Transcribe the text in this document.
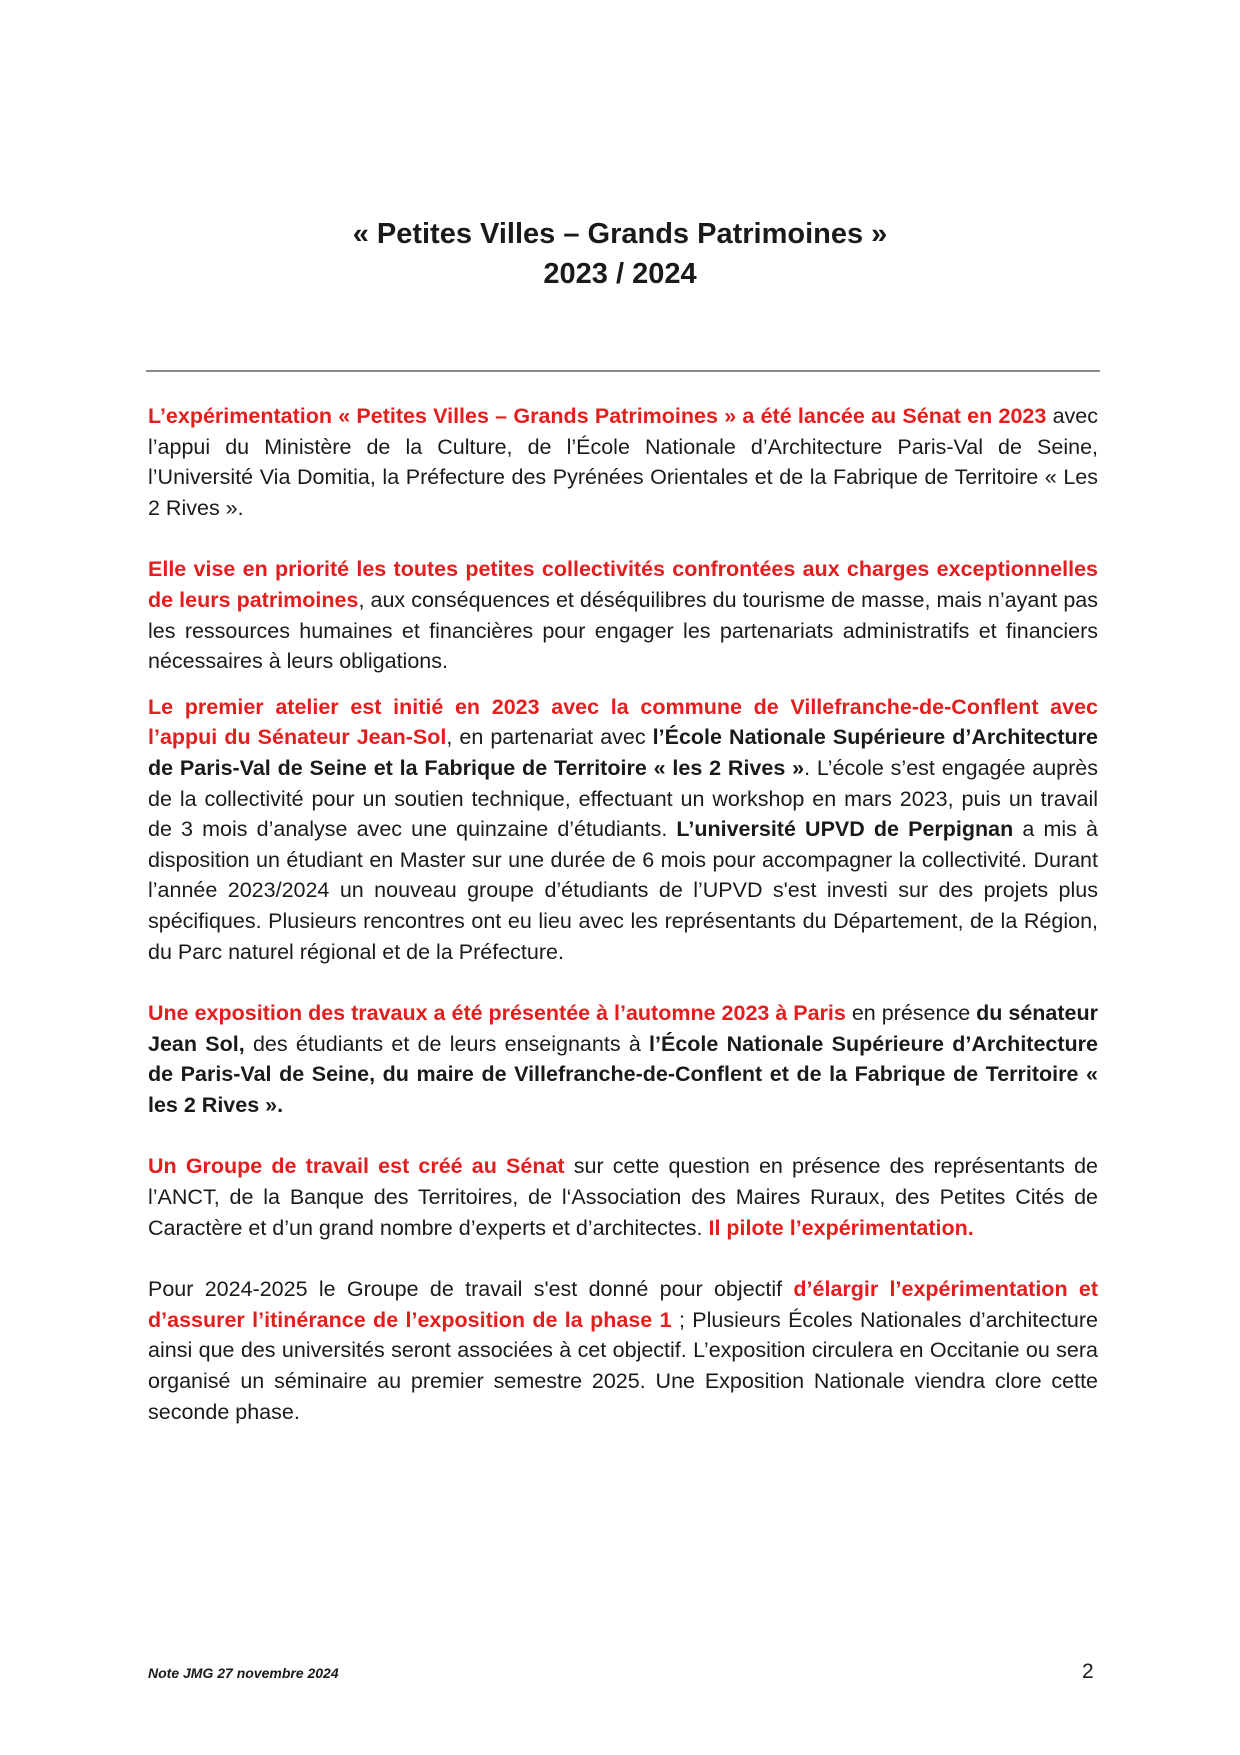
« Petites Villes – Grands Patrimoines »
2023 / 2024

L’expérimentation « Petites Villes – Grands Patrimoines » a été lancée au Sénat en 2023 avec l’appui du Ministère de la Culture, de l’École Nationale d’Architecture Paris-Val de Seine, l’Université Via Domitia, la Préfecture des Pyrénées Orientales et de la Fabrique de Territoire « Les 2 Rives ».

Elle vise en priorité les toutes petites collectivités confrontées aux charges exceptionnelles de leurs patrimoines, aux conséquences et déséquilibres du tourisme de masse, mais n’ayant pas les ressources humaines et financières pour engager les partenariats administratifs et financiers nécessaires à leurs obligations.

Le premier atelier est initié en 2023 avec la commune de Villefranche-de-Conflent avec l’appui du Sénateur Jean-Sol, en partenariat avec l’École Nationale Supérieure d’Architecture de Paris-Val de Seine et la Fabrique de Territoire « les 2 Rives ». L’école s’est engagée auprès de la collectivité pour un soutien technique, effectuant un workshop en mars 2023, puis un travail de 3 mois d’analyse avec une quinzaine d’étudiants. L’université UPVD de Perpignan a mis à disposition un étudiant en Master sur une durée de 6 mois pour accompagner la collectivité. Durant l’année 2023/2024 un nouveau groupe d’étudiants de l’UPVD s'est investi sur des projets plus spécifiques. Plusieurs rencontres ont eu lieu avec les représentants du Département, de la Région, du Parc naturel régional et de la Préfecture.

Une exposition des travaux a été présentée à l’automne 2023 à Paris en présence du sénateur Jean Sol, des étudiants et de leurs enseignants à l’École Nationale Supérieure d’Architecture de Paris-Val de Seine, du maire de Villefranche-de-Conflent et de la Fabrique de Territoire « les 2 Rives ».

Un Groupe de travail est créé au Sénat sur cette question en présence des représentants de l’ANCT, de la Banque des Territoires, de l‘Association des Maires Ruraux, des Petites Cités de Caractère et d’un grand nombre d’experts et d’architectes. Il pilote l’expérimentation.

Pour 2024-2025 le Groupe de travail s'est donné pour objectif d’élargir l’expérimentation et d’assurer l’itinérance de l’exposition de la phase 1 ; Plusieurs Écoles Nationales d’architecture ainsi que des universités seront associées à cet objectif. L’exposition circulera en Occitanie ou sera organisé un séminaire au premier semestre 2025. Une Exposition Nationale viendra clore cette seconde phase.

Note JMG 27 novembre 2024	2
